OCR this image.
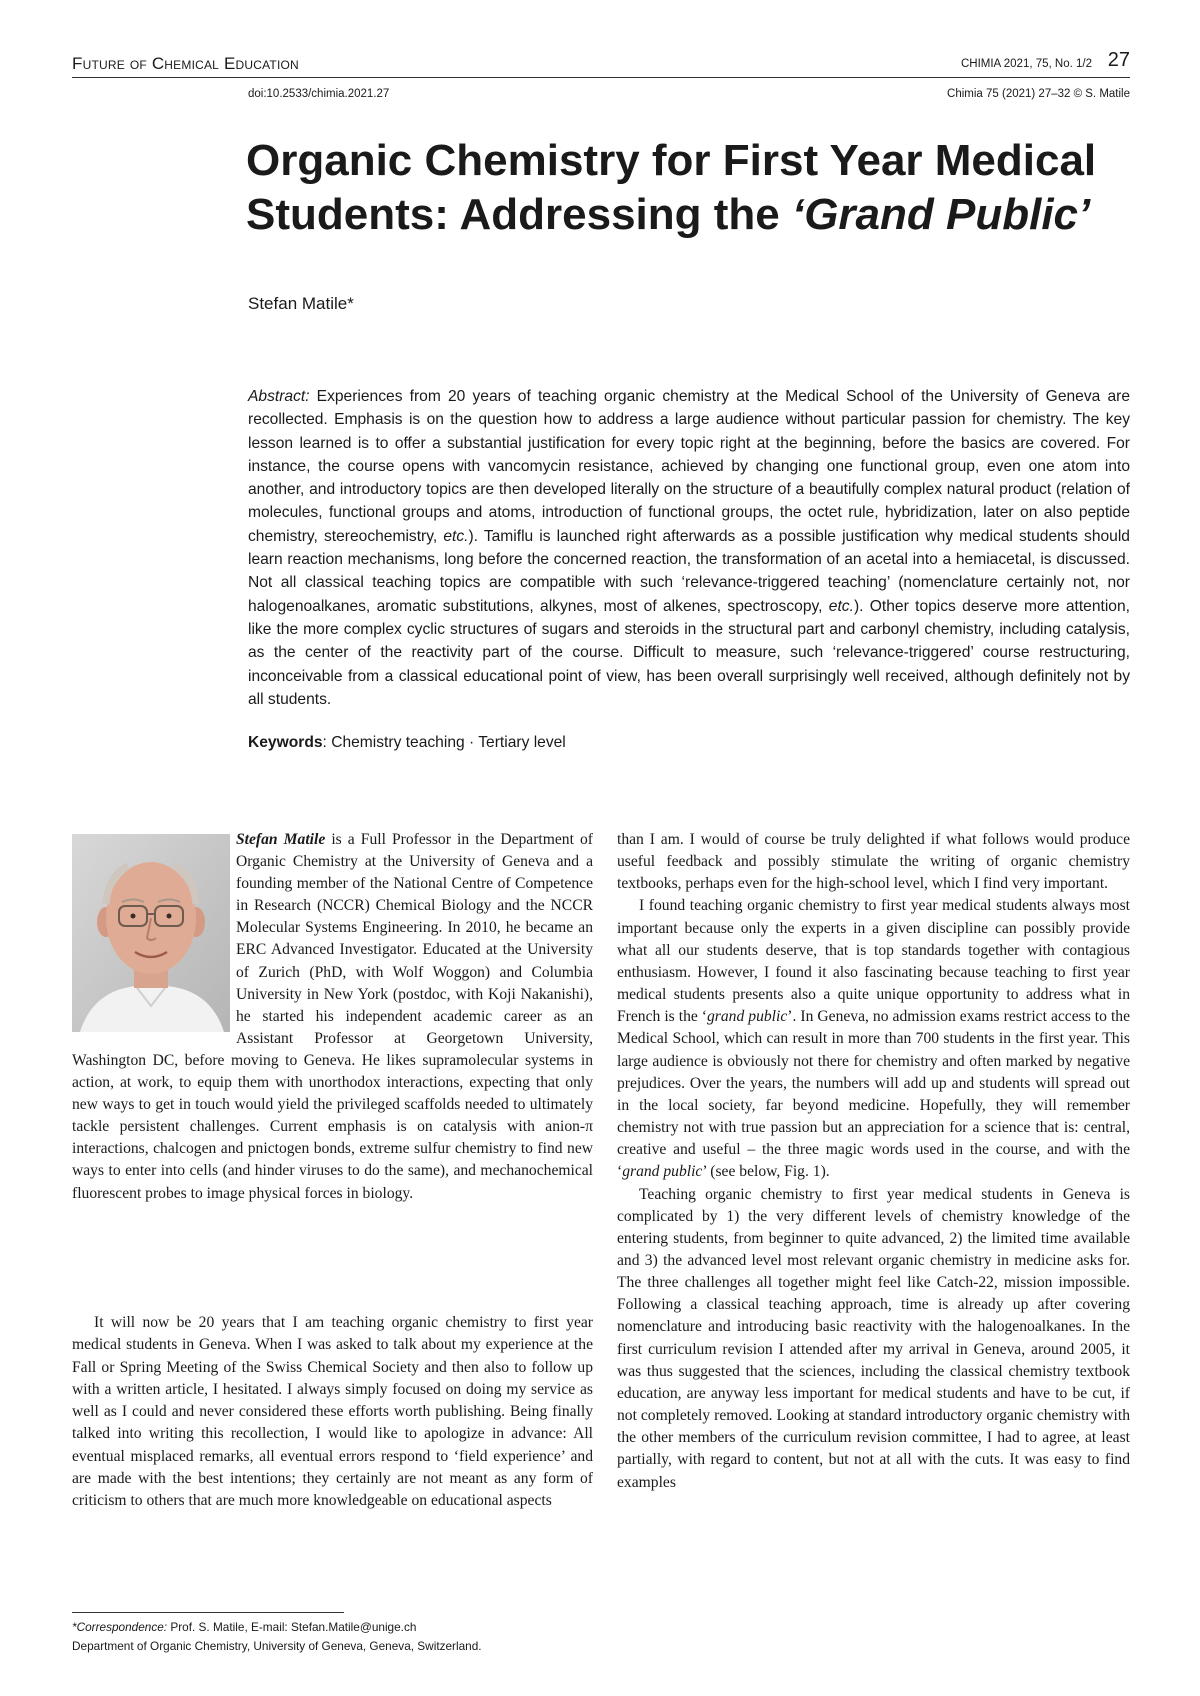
Future of Chemical Education	CHIMIA 2021, 75, No. 1/2 27
doi:10.2533/chimia.2021.27	Chimia 75 (2021) 27–32 © S. Matile
Organic Chemistry for First Year Medical Students: Addressing the ‘Grand Public’
Stefan Matile*
Abstract: Experiences from 20 years of teaching organic chemistry at the Medical School of the University of Geneva are recollected. Emphasis is on the question how to address a large audience without particular passion for chemistry. The key lesson learned is to offer a substantial justification for every topic right at the beginning, before the basics are covered. For instance, the course opens with vancomycin resistance, achieved by changing one functional group, even one atom into another, and introductory topics are then developed literally on the structure of a beautifully complex natural product (relation of molecules, functional groups and atoms, introduction of functional groups, the octet rule, hybridization, later on also peptide chemistry, stereochemistry, etc.). Tamiflu is launched right afterwards as a possible justification why medical students should learn reaction mechanisms, long before the concerned reaction, the transformation of an acetal into a hemiacetal, is discussed. Not all classical teaching topics are compatible with such ‘relevance-triggered teaching’ (nomenclature certainly not, nor halogenoalkanes, aromatic substitutions, alkynes, most of alkenes, spectroscopy, etc.). Other topics deserve more attention, like the more complex cyclic structures of sugars and steroids in the structural part and carbonyl chemistry, including catalysis, as the center of the reactivity part of the course. Difficult to measure, such ‘relevance-triggered’ course restructuring, inconceivable from a classical educational point of view, has been overall surprisingly well received, although definitely not by all students.
Keywords: Chemistry teaching · Tertiary level
Stefan Matile is a Full Professor in the Department of Organic Chemistry at the University of Geneva and a founding member of the National Centre of Competence in Research (NCCR) Chemical Biology and the NCCR Molecular Systems Engineering. In 2010, he became an ERC Advanced Investigator. Educated at the University of Zurich (PhD, with Wolf Woggon) and Columbia University in New York (postdoc, with Koji Nakanishi), he started his independent academic career as an Assistant Professor at Georgetown University, Washington DC, before moving to Geneva. He likes supramolecular systems in action, at work, to equip them with unorthodox interactions, expecting that only new ways to get in touch would yield the privileged scaffolds needed to ultimately tackle persistent challenges. Current emphasis is on catalysis with anion-π interactions, chalcogen and pnictogen bonds, extreme sulfur chemistry to find new ways to enter into cells (and hinder viruses to do the same), and mechanochemical fluorescent probes to image physical forces in biology.
It will now be 20 years that I am teaching organic chemistry to first year medical students in Geneva. When I was asked to talk about my experience at the Fall or Spring Meeting of the Swiss Chemical Society and then also to follow up with a written article, I hesitated. I always simply focused on doing my service as well as I could and never considered these efforts worth publishing. Being finally talked into writing this recollection, I would like to apologize in advance: All eventual misplaced remarks, all eventual errors respond to ‘field experience’ and are made with the best intentions; they certainly are not meant as any form of criticism to others that are much more knowledgeable on educational aspects
*Correspondence: Prof. S. Matile, E-mail: Stefan.Matile@unige.ch
Department of Organic Chemistry, University of Geneva, Geneva, Switzerland.

than I am. I would of course be truly delighted if what follows would produce useful feedback and possibly stimulate the writing of organic chemistry textbooks, perhaps even for the high-school level, which I find very important.

I found teaching organic chemistry to first year medical students always most important because only the experts in a given discipline can possibly provide what all our students deserve, that is top standards together with contagious enthusiasm. However, I found it also fascinating because teaching to first year medical students presents also a quite unique opportunity to address what in French is the ‘grand public’. In Geneva, no admission exams restrict access to the Medical School, which can result in more than 700 students in the first year. This large audience is obviously not there for chemistry and often marked by negative prejudices. Over the years, the numbers will add up and students will spread out in the local society, far beyond medicine. Hopefully, they will remember chemistry not with true passion but an appreciation for a science that is: central, creative and useful – the three magic words used in the course, and with the ‘grand public’ (see below, Fig. 1).

Teaching organic chemistry to first year medical students in Geneva is complicated by 1) the very different levels of chemistry knowledge of the entering students, from beginner to quite advanced, 2) the limited time available and 3) the advanced level most relevant organic chemistry in medicine asks for. The three challenges all together might feel like Catch-22, mission impossible. Following a classical teaching approach, time is already up after covering nomenclature and introducing basic reactivity with the halogenoalkanes. In the first curriculum revision I attended after my arrival in Geneva, around 2005, it was thus suggested that the sciences, including the classical chemistry textbook education, are anyway less important for medical students and have to be cut, if not completely removed. Looking at standard introductory organic chemistry with the other members of the curriculum revision committee, I had to agree, at least partially, with regard to content, but not at all with the cuts. It was easy to find examples
